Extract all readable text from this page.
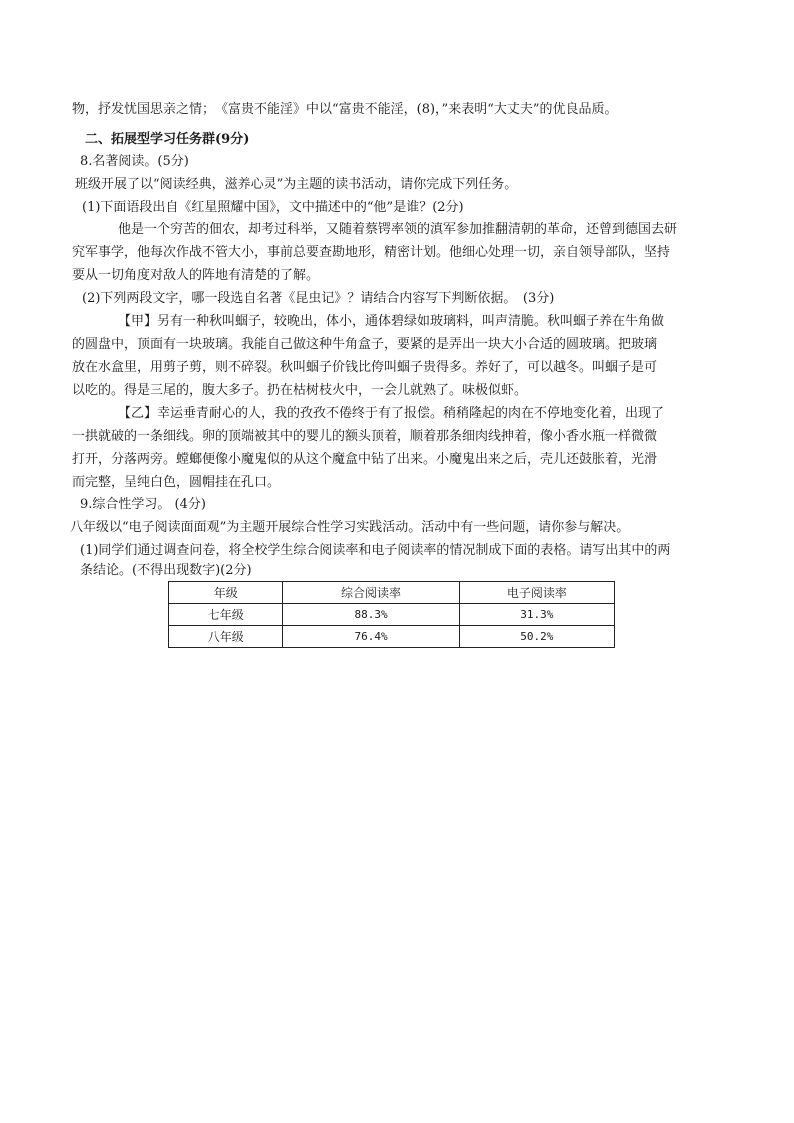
物，抒发忧国思亲之情；　《富贵不能淫》中以“富贵不能淫，(8)，”来表明“大丈夫”的优良品质。
二、拓展型学习任务群(9分)
8.名著阅读。(5分)
班级开展了以“阅读经典，滋养心灵”为主题的读书活动，请你完成下列任务。
(1)下面语段出自《红星照耀中国》，文中描述中的“他”是谁？(2分)
他是一个穷苦的佃农，却考过科举，又随着蔡锷率领的滇军参加推翻清朝的革命，还曾到德国去研
究军事学，他每次作战不管大小，事前总要查勘地形，精密计划。他细心处理一切，亲自领导部队，坚持
要从一切角度对敌人的阵地有清楚的了解。
(2)下列两段文字，哪一段选自名著《昆虫记》？请结合内容写下判断依据。　(3分)
【甲】另有一种秋叫蝈子，较晚出，体小，通体碧绿如玻璃料，叫声清脆。秋叫蝈子养在牛角做
的圆盘中，顶面有一块玻璃。我能自己做这种牛角盒子，要紧的是弄出一块大小合适的圆玻璃。把玻璃
放在水盒里，用剪子剪，则不碎裂。秋叫蝈子价钱比侉叫蝈子贵得多。养好了，可以越冬。叫蝈子是可
以吃的。得是三尾的，腹大多子。扔在枯树枝火中，一会儿就熟了。味极似虾。
【乙】幸运垂青耐心的人，我的孜孜不倦终于有了报偿。稍稍隆起的肉在不停地变化着，出现了
一拱就破的一条细线。卵的顶端被其中的婴儿的额头顶着，顺着那条细肉线抻着，像小香水瓶一样微微
打开，分落两旁。螳螂便像小魔鬼似的从这个魔盒中钻了出来。小魔鬼出来之后，壳儿还鼓胀着，光滑
而完整，呈纯白色，圆帽挂在孔口。
9.综合性学习。 (4分)
八年级以“电子阅读面面观”为主题开展综合性学习实践活动。活动中有一些问题，请你参与解决。
(1)同学们通过调查问卷，将全校学生综合阅读率和电子阅读率的情况制成下面的表格。请写出其中的两
条结论。(不得出现数字)(2分)
年级	综合阅读率	电子阅读率
七年级	88.3%	31.3%
八年级	76.4%	50.2%
